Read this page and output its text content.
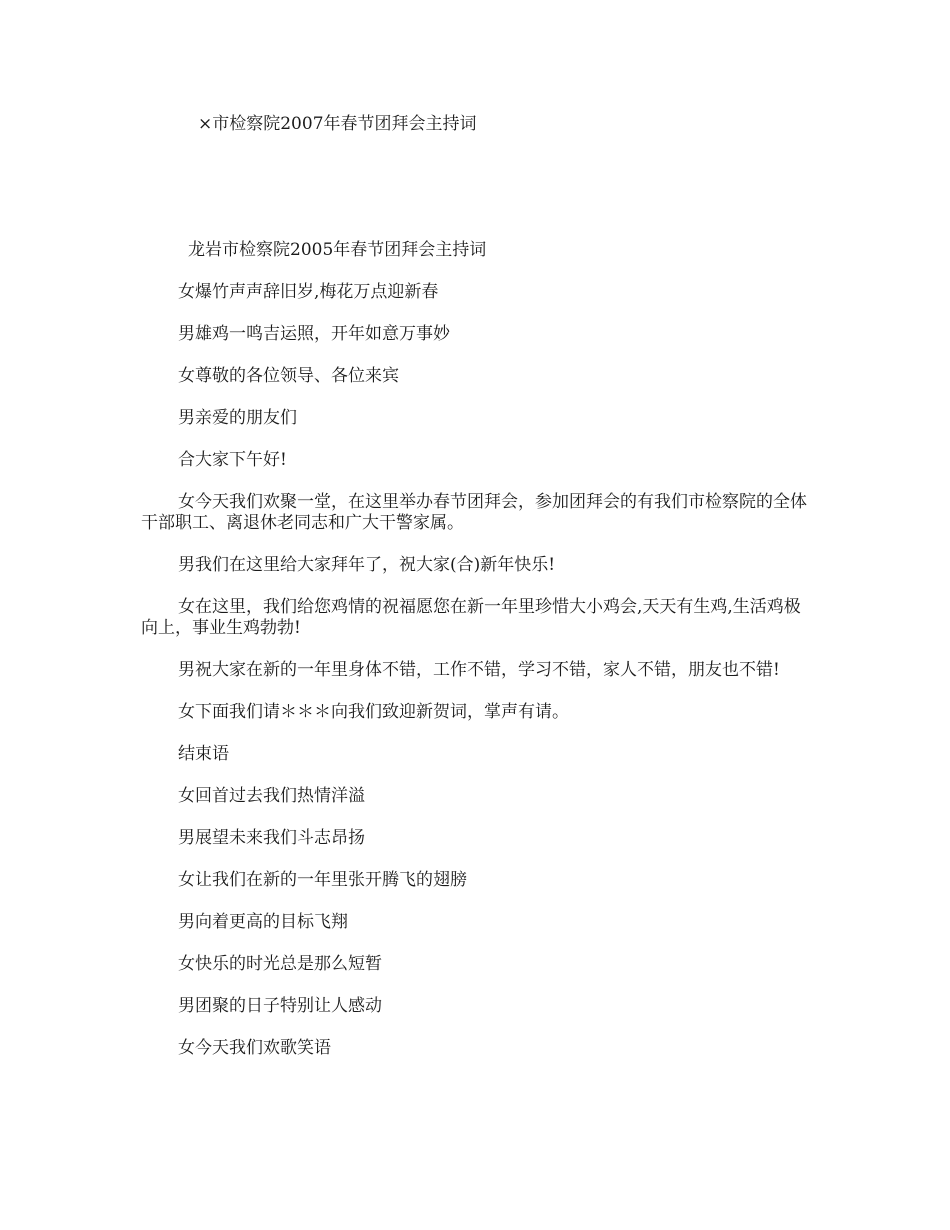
×市检察院2007年春节团拜会主持词

龙岩市检察院2005年春节团拜会主持词

女爆竹声声辞旧岁,梅花万点迎新春

男雄鸡一鸣吉运照，开年如意万事妙

女尊敬的各位领导、各位来宾

男亲爱的朋友们

合大家下午好!

女今天我们欢聚一堂，在这里举办春节团拜会，参加团拜会的有我们市检察院的全体干部职工、离退休老同志和广大干警家属。

男我们在这里给大家拜年了，祝大家(合)新年快乐!

女在这里，我们给您鸡情的祝福愿您在新一年里珍惜大小鸡会,天天有生鸡,生活鸡极向上，事业生鸡勃勃!

男祝大家在新的一年里身体不错，工作不错，学习不错，家人不错，朋友也不错!

女下面我们请＊＊＊向我们致迎新贺词，掌声有请。

结束语

女回首过去我们热情洋溢

男展望未来我们斗志昂扬

女让我们在新的一年里张开腾飞的翅膀

男向着更高的目标飞翔

女快乐的时光总是那么短暂

男团聚的日子特别让人感动

女今天我们欢歌笑语
